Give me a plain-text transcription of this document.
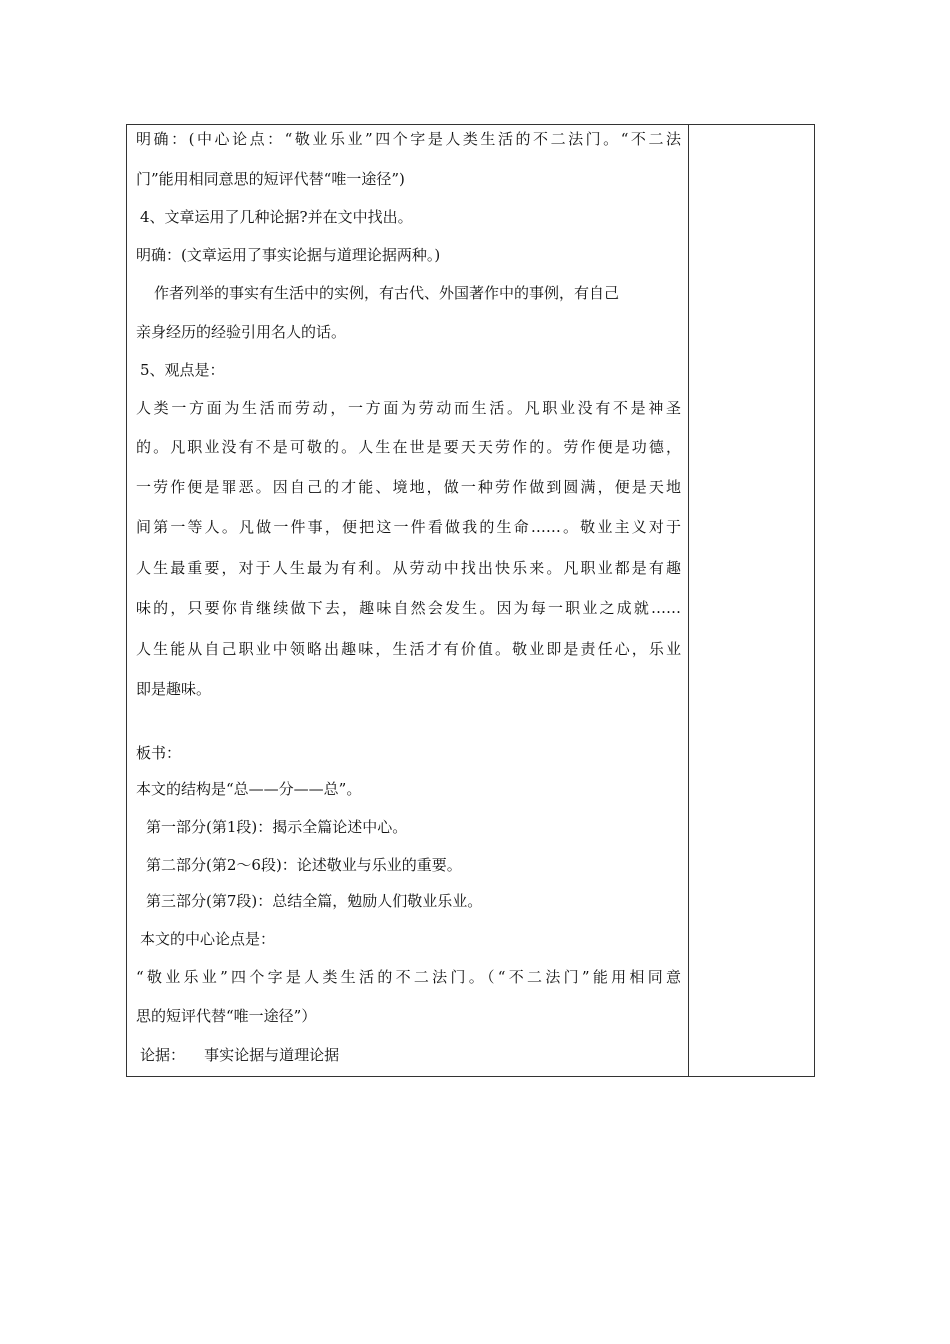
明确：(中心论点：“敬业乐业”四个字是人类生活的不二法门。“不二法
门”能用相同意思的短评代替“唯一途径”)
4、文章运用了几种论据?并在文中找出。
明确：(文章运用了事实论据与道理论据两种。)
作者列举的事实有生活中的实例，有古代、外国著作中的事例，有自己
亲身经历的经验引用名人的话。
5、观点是：
人类一方面为生活而劳动，一方面为劳动而生活。凡职业没有不是神圣
的。凡职业没有不是可敬的。人生在世是要天天劳作的。劳作便是功德，
一劳作便是罪恶。因自己的才能、境地，做一种劳作做到圆满，便是天地
间第一等人。凡做一件事，便把这一件看做我的生命……。敬业主义对于
人生最重要，对于人生最为有利。从劳动中找出快乐来。凡职业都是有趣
味的，只要你肯继续做下去，趣味自然会发生。因为每一职业之成就……
人生能从自己职业中领略出趣味，生活才有价值。敬业即是责任心，乐业
即是趣味。
板书：
本文的结构是“总——分——总”。
第一部分(第1段)：揭示全篇论述中心。
第二部分(第2～6段)：论述敬业与乐业的重要。
第三部分(第7段)：总结全篇，勉励人们敬业乐业。
本文的中心论点是：
“敬业乐业”四个字是人类生活的不二法门。（“不二法门”能用相同意
思的短评代替“唯一途径”）
论据：    事实论据与道理论据
